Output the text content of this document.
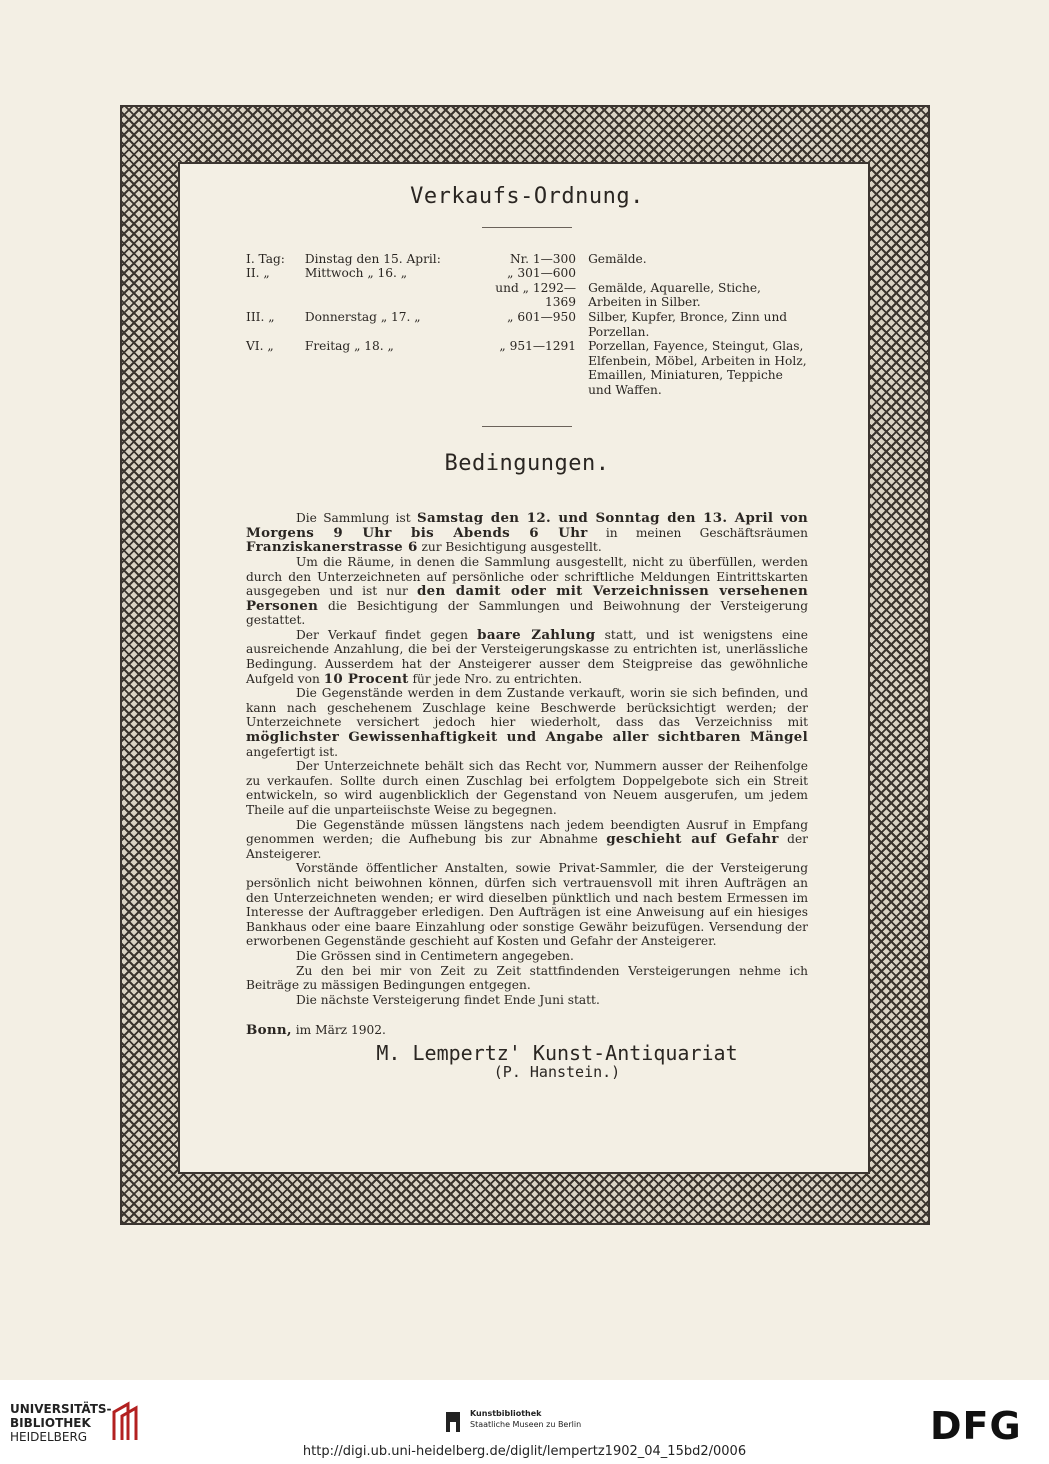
Verkaufs-Ordnung.
I. Tag:	Dinstag den 15. April:	Nr. 1—300	Gemälde.
II. „	Mittwoch „ 16. „	„ 301—600	
		und „ 1292—1369	Gemälde, Aquarelle, Stiche, Arbeiten in Silber.
III. „	Donnerstag „ 17. „	„ 601—950	Silber, Kupfer, Bronce, Zinn und Porzellan.
VI. „	Freitag „ 18. „	„ 951—1291	Porzellan, Fayence, Steingut, Glas, Elfenbein, Möbel, Arbeiten in Holz, Emaillen, Miniaturen, Teppiche und Waffen.
Bedingungen.

Die Sammlung ist Samstag den 12. und Sonntag den 13. April von Morgens 9 Uhr bis Abends 6 Uhr in meinen Geschäftsräumen Franziskanerstrasse 6 zur Besichtigung ausgestellt.

Um die Räume, in denen die Sammlung ausgestellt, nicht zu überfüllen, werden durch den Unterzeichneten auf persönliche oder schriftliche Meldungen Eintrittskarten ausgegeben und ist nur den damit oder mit Verzeichnissen versehenen Personen die Besichtigung der Sammlungen und Beiwohnung der Versteigerung gestattet.

Der Verkauf findet gegen baare Zahlung statt, und ist wenigstens eine ausreichende Anzahlung, die bei der Versteigerungskasse zu entrichten ist, unerlässliche Bedingung. Ausserdem hat der Ansteigerer ausser dem Steigpreise das gewöhnliche Aufgeld von 10 Procent für jede Nro. zu entrichten.

Die Gegenstände werden in dem Zustande verkauft, worin sie sich befinden, und kann nach geschehenem Zuschlage keine Beschwerde berücksichtigt werden; der Unterzeichnete versichert jedoch hier wiederholt, dass das Verzeichniss mit möglichster Gewissenhaftigkeit und Angabe aller sichtbaren Mängel angefertigt ist.

Der Unterzeichnete behält sich das Recht vor, Nummern ausser der Reihenfolge zu verkaufen. Sollte durch einen Zuschlag bei erfolgtem Doppelgebote sich ein Streit entwickeln, so wird augenblicklich der Gegenstand von Neuem ausgerufen, um jedem Theile auf die unparteiischste Weise zu begegnen.

Die Gegenstände müssen längstens nach jedem beendigten Ausruf in Empfang genommen werden; die Aufhebung bis zur Abnahme geschieht auf Gefahr der Ansteigerer.

Vorstände öffentlicher Anstalten, sowie Privat-Sammler, die der Versteigerung persönlich nicht beiwohnen können, dürfen sich vertrauensvoll mit ihren Aufträgen an den Unterzeichneten wenden; er wird dieselben pünktlich und nach bestem Ermessen im Interesse der Auftraggeber erledigen. Den Aufträgen ist eine Anweisung auf ein hiesiges Bankhaus oder eine baare Einzahlung oder sonstige Gewähr beizufügen. Versendung der erworbenen Gegenstände geschieht auf Kosten und Gefahr der Ansteigerer.

Die Grössen sind in Centimetern angegeben.

Zu den bei mir von Zeit zu Zeit stattfindenden Versteigerungen nehme ich Beiträge zu mässigen Bedingungen entgegen.

Die nächste Versteigerung findet Ende Juni statt.

Bonn, im März 1902.

M. Lempertz' Kunst-Antiquariat
(P. Hanstein.)
UNIVERSITÄTS-
BIBLIOTHEK
HEIDELBERG
Kunstbibliothek
Staatliche Museen zu Berlin	DFG
http://digi.ub.uni-heidelberg.de/diglit/lempertz1902_04_15bd2/0006
